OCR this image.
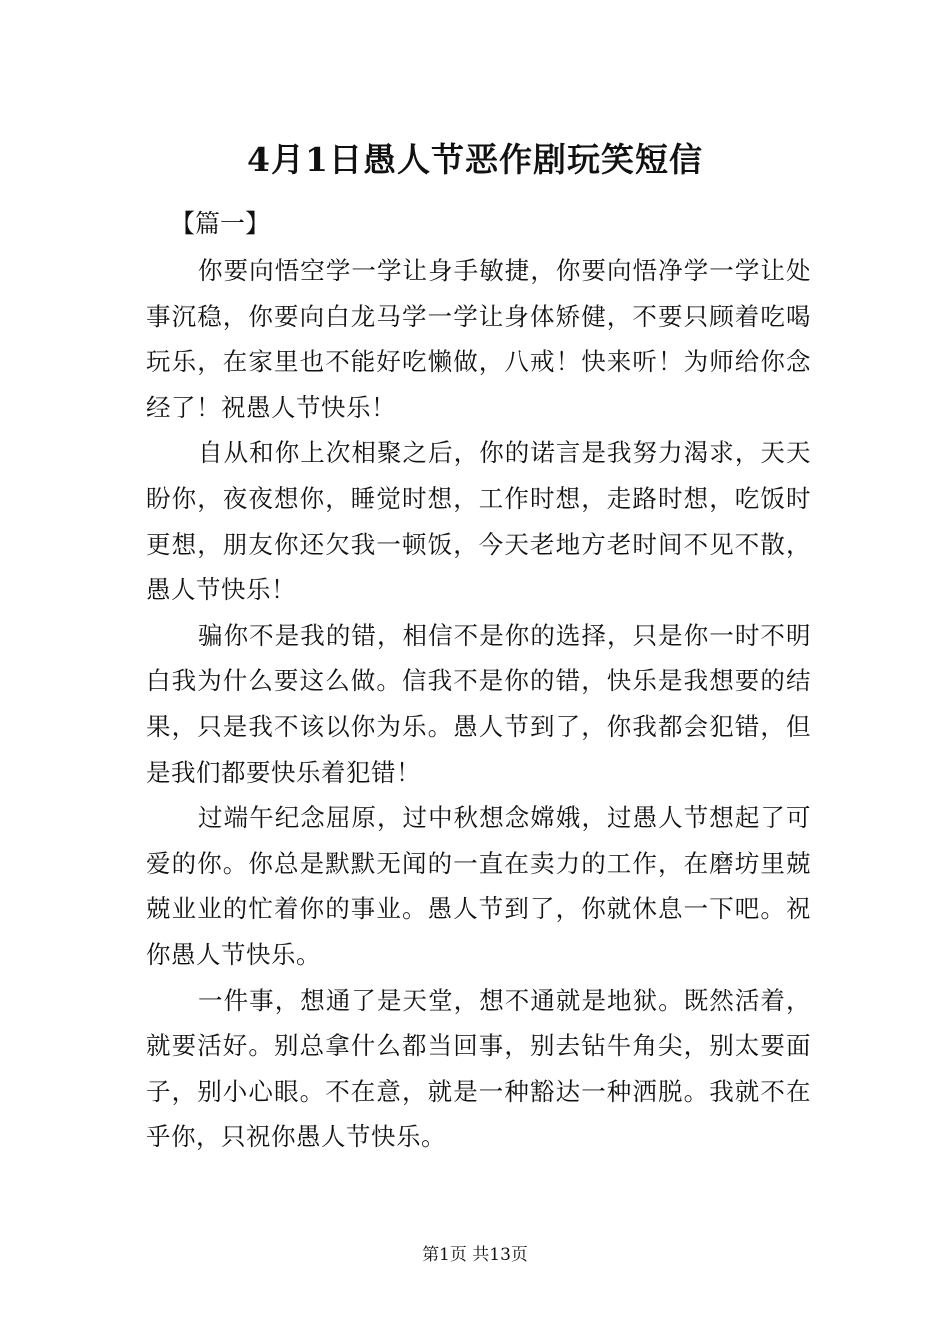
4月1日愚人节恶作剧玩笑短信
【篇一】

你要向悟空学一学让身手敏捷，你要向悟净学一学让处事沉稳，你要向白龙马学一学让身体矫健，不要只顾着吃喝玩乐，在家里也不能好吃懒做，八戒！快来听！为师给你念经了！祝愚人节快乐！

自从和你上次相聚之后，你的诺言是我努力渴求，天天盼你，夜夜想你，睡觉时想，工作时想，走路时想，吃饭时更想，朋友你还欠我一顿饭，今天老地方老时间不见不散，愚人节快乐！

骗你不是我的错，相信不是你的选择，只是你一时不明白我为什么要这么做。信我不是你的错，快乐是我想要的结果，只是我不该以你为乐。愚人节到了，你我都会犯错，但是我们都要快乐着犯错！

过端午纪念屈原，过中秋想念嫦娥，过愚人节想起了可爱的你。你总是默默无闻的一直在卖力的工作，在磨坊里兢兢业业的忙着你的事业。愚人节到了，你就休息一下吧。祝你愚人节快乐。

一件事，想通了是天堂，想不通就是地狱。既然活着，就要活好。别总拿什么都当回事，别去钻牛角尖，别太要面子，别小心眼。不在意，就是一种豁达一种洒脱。我就不在乎你，只祝你愚人节快乐。

第1页 共13页
